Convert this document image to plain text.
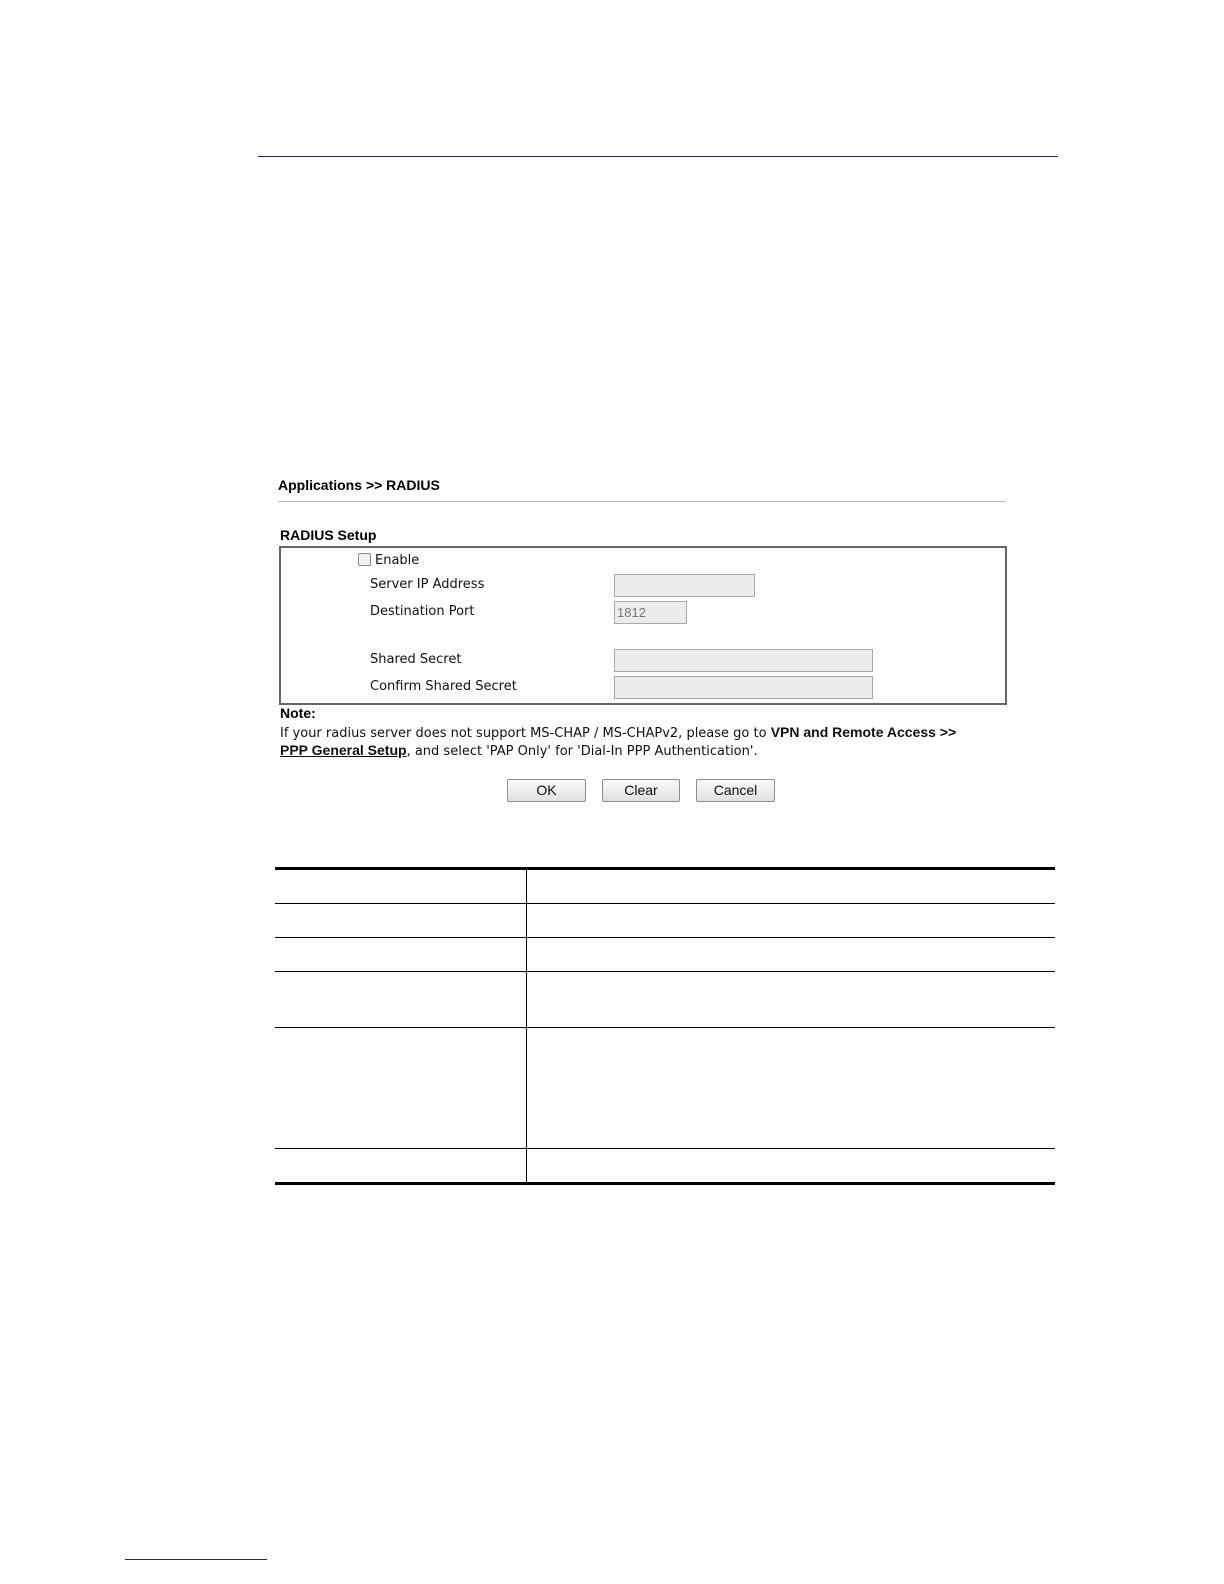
Applications >> RADIUS
RADIUS Setup
Enable
Server IP Address
Destination Port
1812
Shared Secret
Confirm Shared Secret
Note:
If your radius server does not support MS-CHAP / MS-CHAPv2, please go to VPN and Remote Access >>
PPP General Setup, and select 'PAP Only' for 'Dial-In PPP Authentication'.
OK	Clear	Cancel
